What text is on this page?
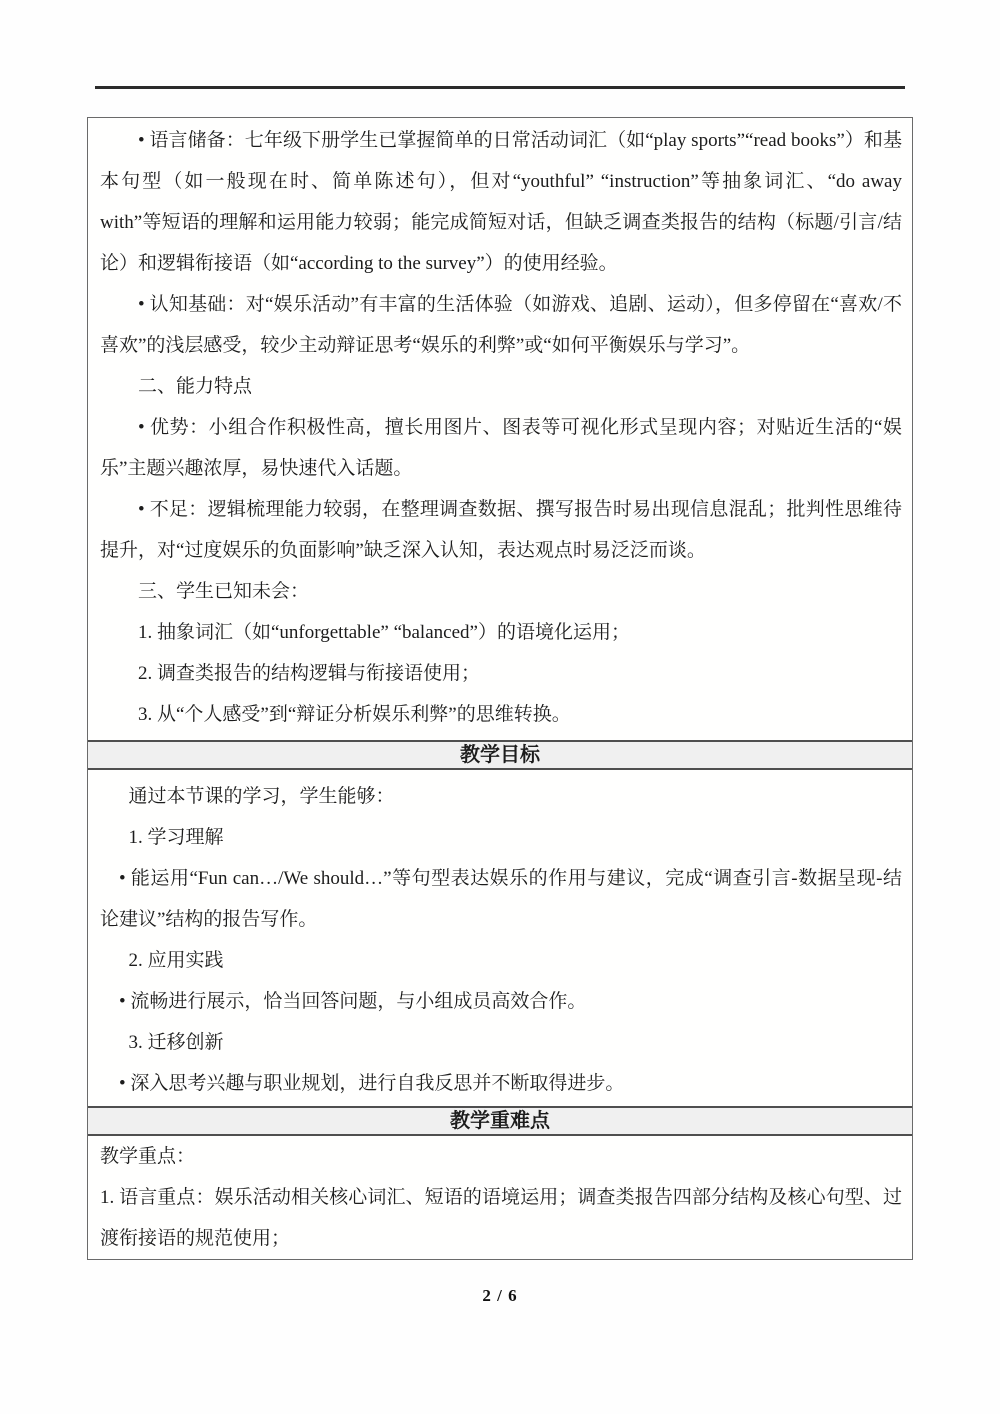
• 语言储备：七年级下册学生已掌握简单的日常活动词汇（如“play sports”“read books”）和基本句型（如一般现在时、简单陈述句），但对“youthful” “instruction”等抽象词汇、“do away with”等短语的理解和运用能力较弱；能完成简短对话，但缺乏调查类报告的结构（标题/引言/结论）和逻辑衔接语（如“according to the survey”）的使用经验。

• 认知基础：对“娱乐活动”有丰富的生活体验（如游戏、追剧、运动），但多停留在“喜欢/不喜欢”的浅层感受，较少主动辩证思考“娱乐的利弊”或“如何平衡娱乐与学习”。

二、能力特点

• 优势：小组合作积极性高，擅长用图片、图表等可视化形式呈现内容；对贴近生活的“娱乐”主题兴趣浓厚，易快速代入话题。

• 不足：逻辑梳理能力较弱，在整理调查数据、撰写报告时易出现信息混乱；批判性思维待提升，对“过度娱乐的负面影响”缺乏深入认知，表达观点时易泛泛而谈。

三、学生已知未会：

1. 抽象词汇（如“unforgettable” “balanced”）的语境化运用；

2. 调查类报告的结构逻辑与衔接语使用；

3. 从“个人感受”到“辩证分析娱乐利弊”的思维转换。

教学目标

通过本节课的学习，学生能够：

1. 学习理解

• 能运用“Fun can…/We should…”等句型表达娱乐的作用与建议，完成“调查引言-数据呈现-结论建议”结构的报告写作。

2. 应用实践

• 流畅进行展示，恰当回答问题，与小组成员高效合作。

3. 迁移创新

• 深入思考兴趣与职业规划，进行自我反思并不断取得进步。

教学重难点

教学重点：

1. 语言重点：娱乐活动相关核心词汇、短语的语境运用；调查类报告四部分结构及核心句型、过渡衔接语的规范使用；

2 / 6
